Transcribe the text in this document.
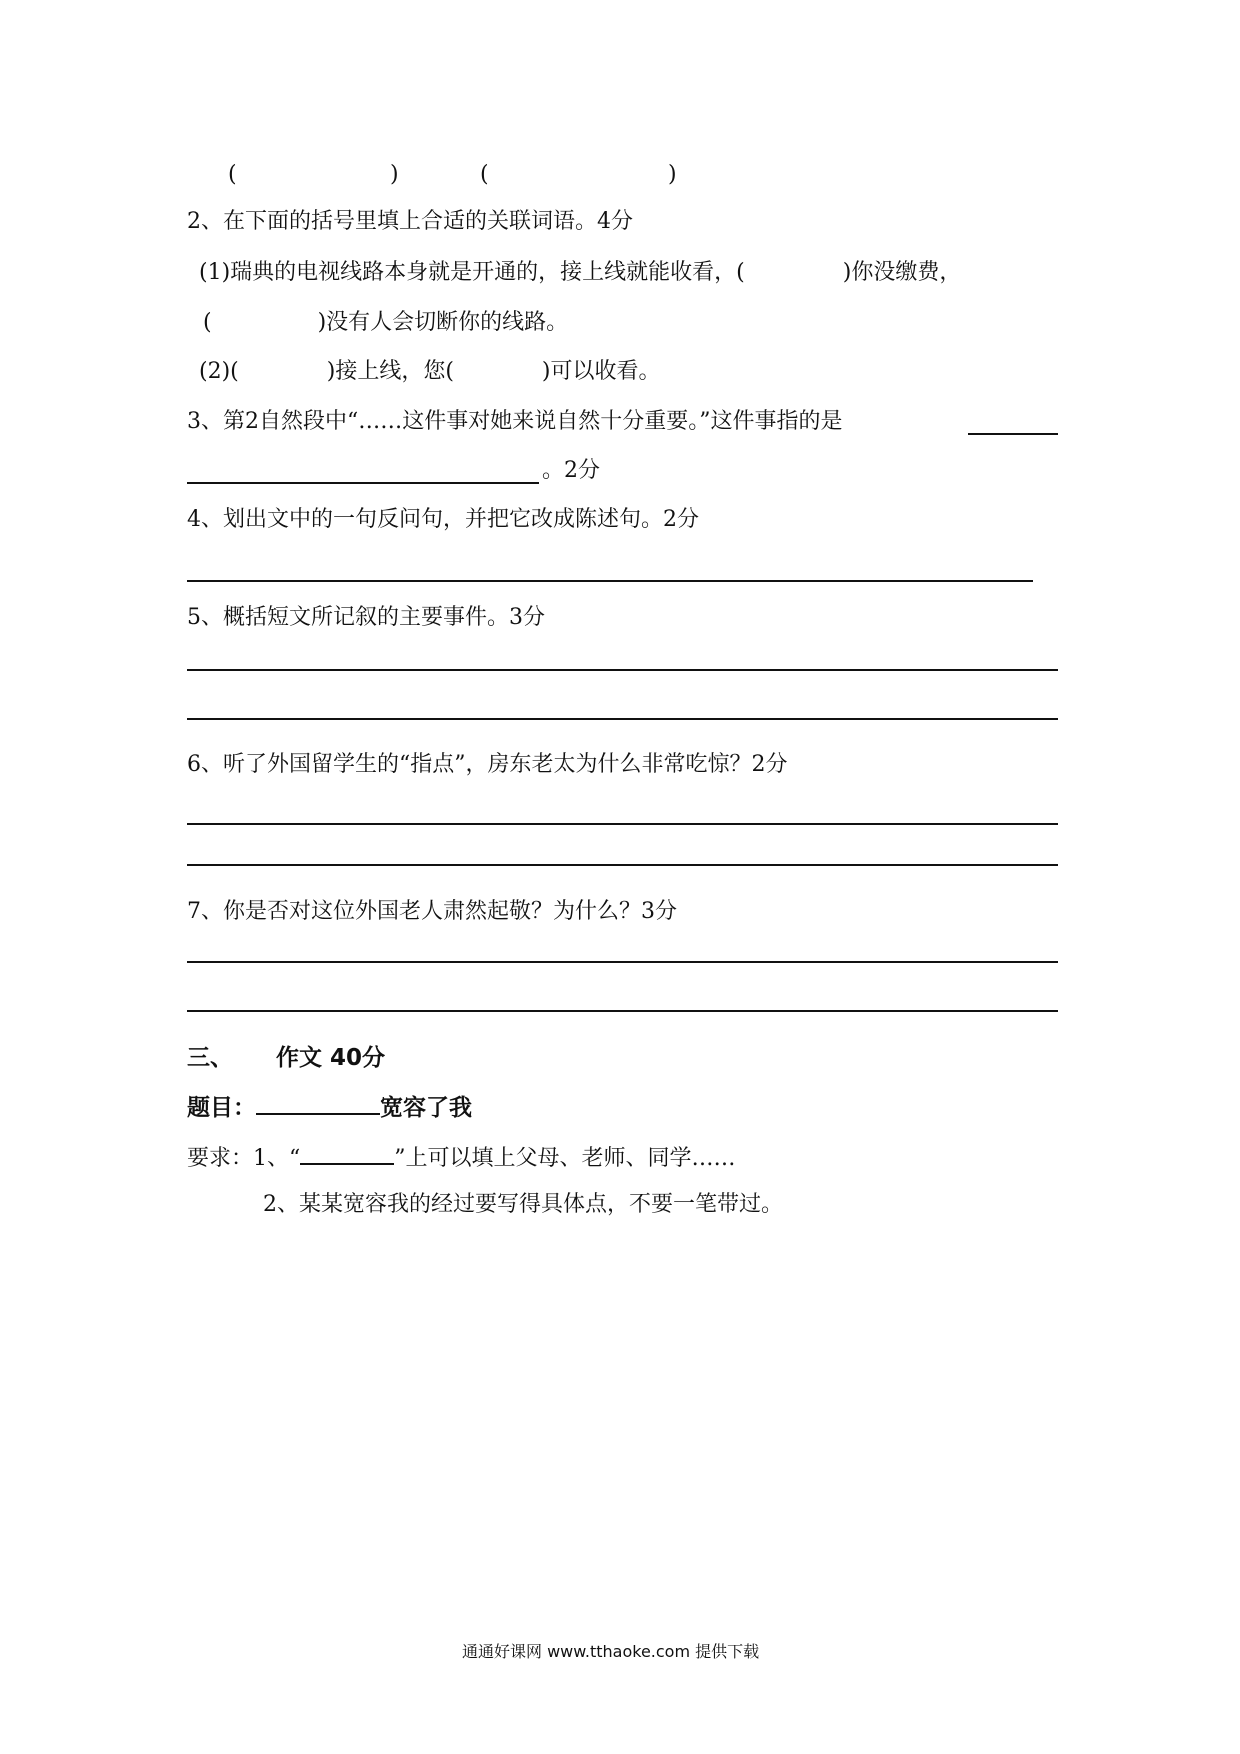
(	)	(	)
2、在下面的括号里填上合适的关联词语。4分
(1)瑞典的电视线路本身就是开通的，接上线就能收看，(	)你没缴费，
(	)没有人会切断你的线路。
(2)(	)接上线，您(	)可以收看。
3、第2自然段中“……这件事对她来说自然十分重要。”这件事指的是
。2分
4、划出文中的一句反问句，并把它改成陈述句。2分
5、概括短文所记叙的主要事件。3分
6、听了外国留学生的“指点”，房东老太为什么非常吃惊？2分
7、你是否对这位外国老人肃然起敬？为什么？3分
三、 作文 40分
题目：	宽容了我
要求：1、“	”上可以填上父母、老师、同学……
2、某某宽容我的经过要写得具体点，不要一笔带过。
通通好课网 www.tthaoke.com 提供下载
